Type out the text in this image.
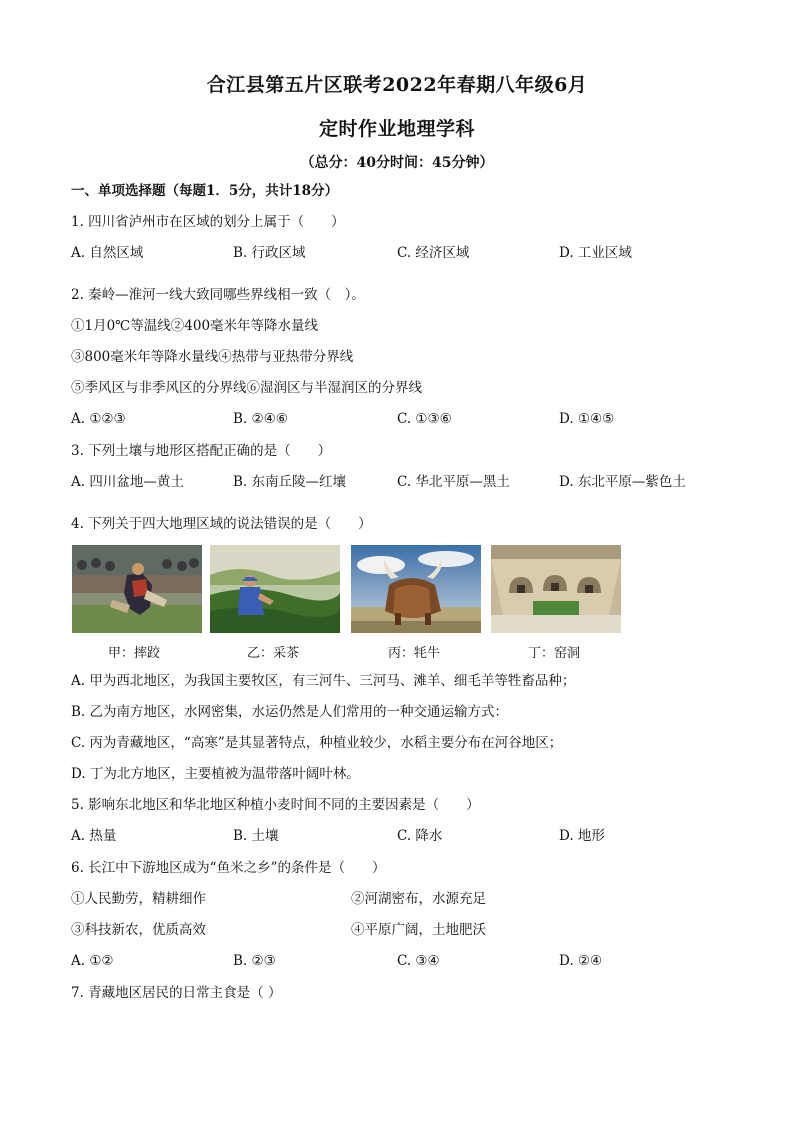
合江县第五片区联考2022年春期八年级6月
定时作业地理学科
（总分：40分时间：45分钟）
一、单项选择题（每题1．5分，共计18分）
1. 四川省泸州市在区域的划分上属于（　　）
A. 自然区域	B. 行政区域	C. 经济区域	D. 工业区域
2. 秦岭—淮河一线大致同哪些界线相一致（　）。
①1月0℃等温线②400毫米年等降水量线
③800毫米年等降水量线④热带与亚热带分界线
⑤季风区与非季风区的分界线⑥湿润区与半湿润区的分界线
A. ①②③	B. ②④⑥	C. ①③⑥	D. ①④⑤
3. 下列土壤与地形区搭配正确的是（　　）
A. 四川盆地—黄土	B. 东南丘陵—红壤	C. 华北平原—黑土	D. 东北平原—紫色土
4. 下列关于四大地理区域的说法错误的是（　　）
甲：摔跤	乙：采茶	丙：牦牛	丁：窑洞
A. 甲为西北地区，为我国主要牧区，有三河牛、三河马、滩羊、细毛羊等牲畜品种；
B. 乙为南方地区，水网密集，水运仍然是人们常用的一种交通运输方式：
C. 丙为青藏地区，“高寒”是其显著特点，种植业较少，水稻主要分布在河谷地区；
D. 丁为北方地区，主要植被为温带落叶阔叶林。
5. 影响东北地区和华北地区种植小麦时间不同的主要因素是（　　）
A. 热量	B. 土壤	C. 降水	D. 地形
6. 长江中下游地区成为“鱼米之乡”的条件是（　　）
①人民勤劳，精耕细作	②河湖密布，水源充足
③科技新农，优质高效	④平原广阔，土地肥沃
A. ①②	B. ②③	C. ③④	D. ②④
7. 青藏地区居民的日常主食是（ ）
